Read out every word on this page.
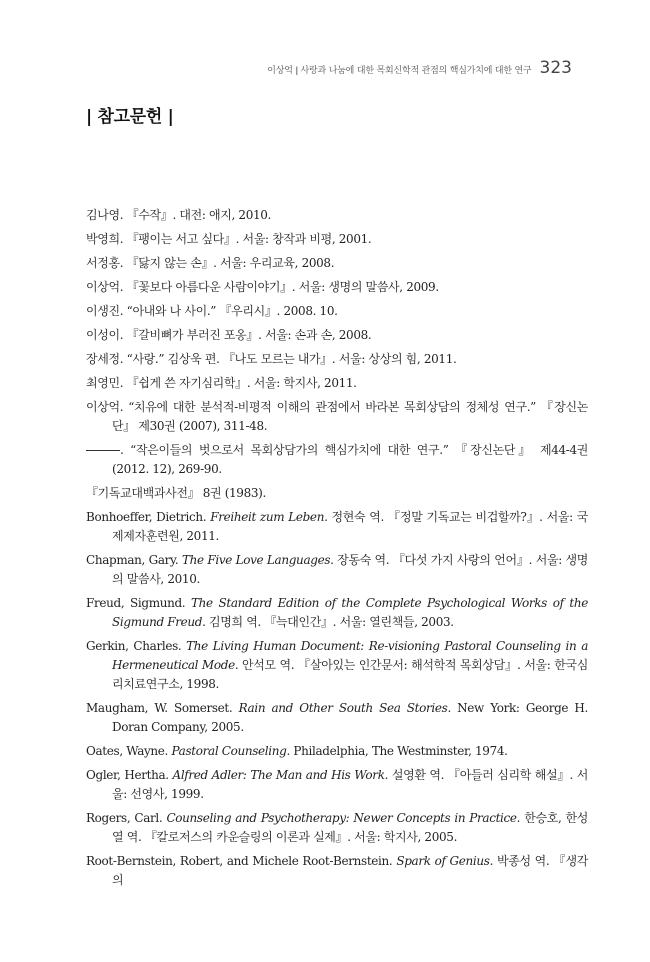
이상억 ǀ 사랑과 나눔에 대한 목회신학적 관점의 핵심가치에 대한 연구 323
| 참고문헌 |

김나영. 『수작』. 대전: 애지, 2010.

박영희. 『팽이는 서고 싶다』. 서울: 창작과 비평, 2001.

서정홍. 『닳지 않는 손』. 서울: 우리교육, 2008.

이상억. 『꽃보다 아름다운 사람이야기』. 서울: 생명의 말씀사, 2009.

이생진. “아내와 나 사이.” 『우리시』. 2008. 10.

이성이. 『갈비뼈가 부러진 포옹』. 서울: 손과 손, 2008.

장세정. “사랑.” 김상욱 편. 『나도 모르는 내가』. 서울: 상상의 힘, 2011.

최영민. 『쉽게 쓴 자기심리학』. 서울: 학지사, 2011.

이상억. “치유에 대한 분석적-비평적 이해의 관점에서 바라본 목회상담의 정체성 연구.” 『장신논단』 제30권 (2007), 311-48.

. “작은이들의 벗으로서 목회상담가의 핵심가치에 대한 연구.” 『장신논단』 제44-4권 (2012. 12), 269-90.

『기독교대백과사전』 8권 (1983).

Bonhoeffer, Dietrich. Freiheit zum Leben. 정현숙 역. 『정말 기독교는 비겁할까?』. 서울: 국제제자훈련원, 2011.

Chapman, Gary. The Five Love Languages. 장동숙 역. 『다섯 가지 사랑의 언어』. 서울: 생명의 말씀사, 2010.

Freud, Sigmund. The Standard Edition of the Complete Psychological Works of the Sigmund Freud. 김명희 역. 『늑대인간』. 서울: 열린책들, 2003.

Gerkin, Charles. The Living Human Document: Re-visioning Pastoral Counseling in a Hermeneutical Mode. 안석모 역. 『살아있는 인간문서: 해석학적 목회상담』. 서울: 한국심리치료연구소, 1998.

Maugham, W. Somerset. Rain and Other South Sea Stories. New York: George H. Doran Company, 2005.

Oates, Wayne. Pastoral Counseling. Philadelphia, The Westminster, 1974.

Ogler, Hertha. Alfred Adler: The Man and His Work. 설영환 역. 『아들러 심리학 해설』. 서울: 선영사, 1999.

Rogers, Carl. Counseling and Psychotherapy: Newer Concepts in Practice. 한승호, 한성열 역. 『칼로저스의 카운슬링의 이론과 실제』. 서울: 학지사, 2005.

Root-Bernstein, Robert, and Michele Root-Bernstein. Spark of Genius. 박종성 역. 『생각의
